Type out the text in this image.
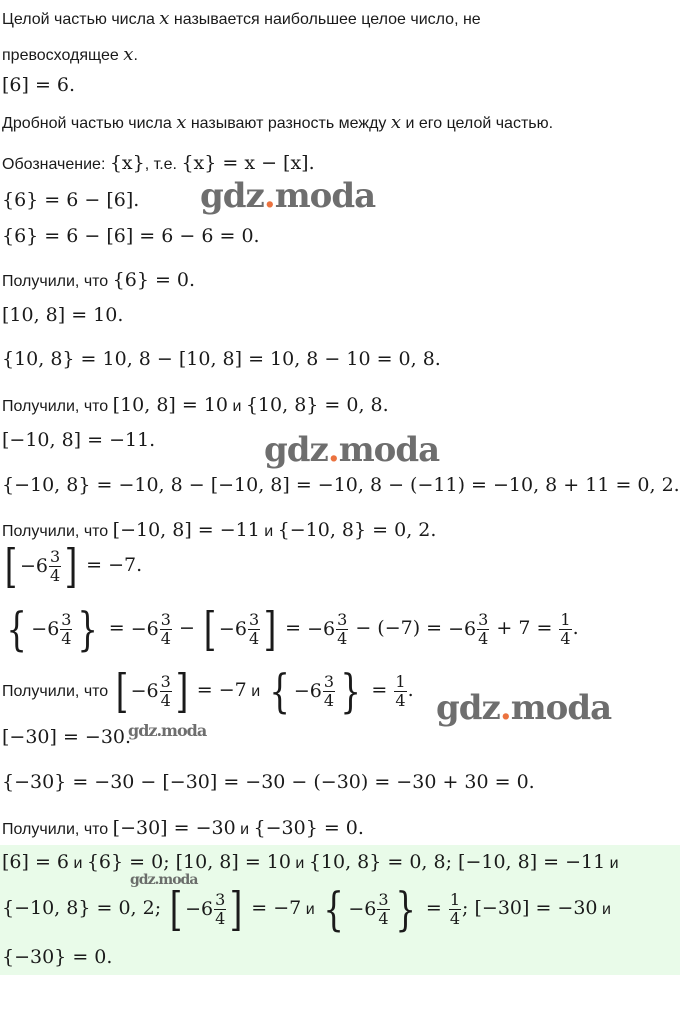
Целой частью числа x называется наибольшее целое число, не
превосходящее x.
[6] = 6.
Дробной частью числа x называют разность между x и его целой частью.
Обозначение: {x}, т.е. {x} = x − [x].
{6} = 6 − [6].
{6} = 6 − [6] = 6 − 6 = 0.
Получили, что {6} = 0.
[10, 8] = 10.
{10, 8} = 10, 8 − [10, 8] = 10, 8 − 10 = 0, 8.
Получили, что [10, 8] = 10 и {10, 8} = 0, 8.
[−10, 8] = −11.
{−10, 8} = −10, 8 − [−10, 8] = −10, 8 − (−11) = −10, 8 + 11 = 0, 2.
Получили, что [−10, 8] = −11 и {−10, 8} = 0, 2.
[ $-6 \frac{3}{4}$ ] = −7.
{ $-6 \frac{3}{4}$ } = $-6 \frac{3}{4}$ − [ $-6 \frac{3}{4}$ ] = $-6 \frac{3}{4} - (-7) = -6 \frac{3}{4} + 7 = \frac{1}{4}$ .
Получили, что [ $-6 \frac{3}{4}$ ] = −7 и { $-6 \frac{3}{4}$ } = $\frac{1}{4}$ .
[−30] = −30.
{−30} = −30 − [−30] = −30 − (−30) = −30 + 30 = 0.
Получили, что [−30] = −30 и {−30} = 0.
[6] = 6 и {6} = 0; [10, 8] = 10 и {10, 8} = 0, 8; [−10, 8] = −11 и
{−10, 8} = 0, 2; [ $-6 \frac{3}{4}$ ] = −7 и { $-6 \frac{3}{4}$ } = $\frac{1}{4}$ ; [−30] = −30 и
{−30} = 0.
gdz.moda
gdz.moda
gdz.moda
gdz.moda
gdz.moda
